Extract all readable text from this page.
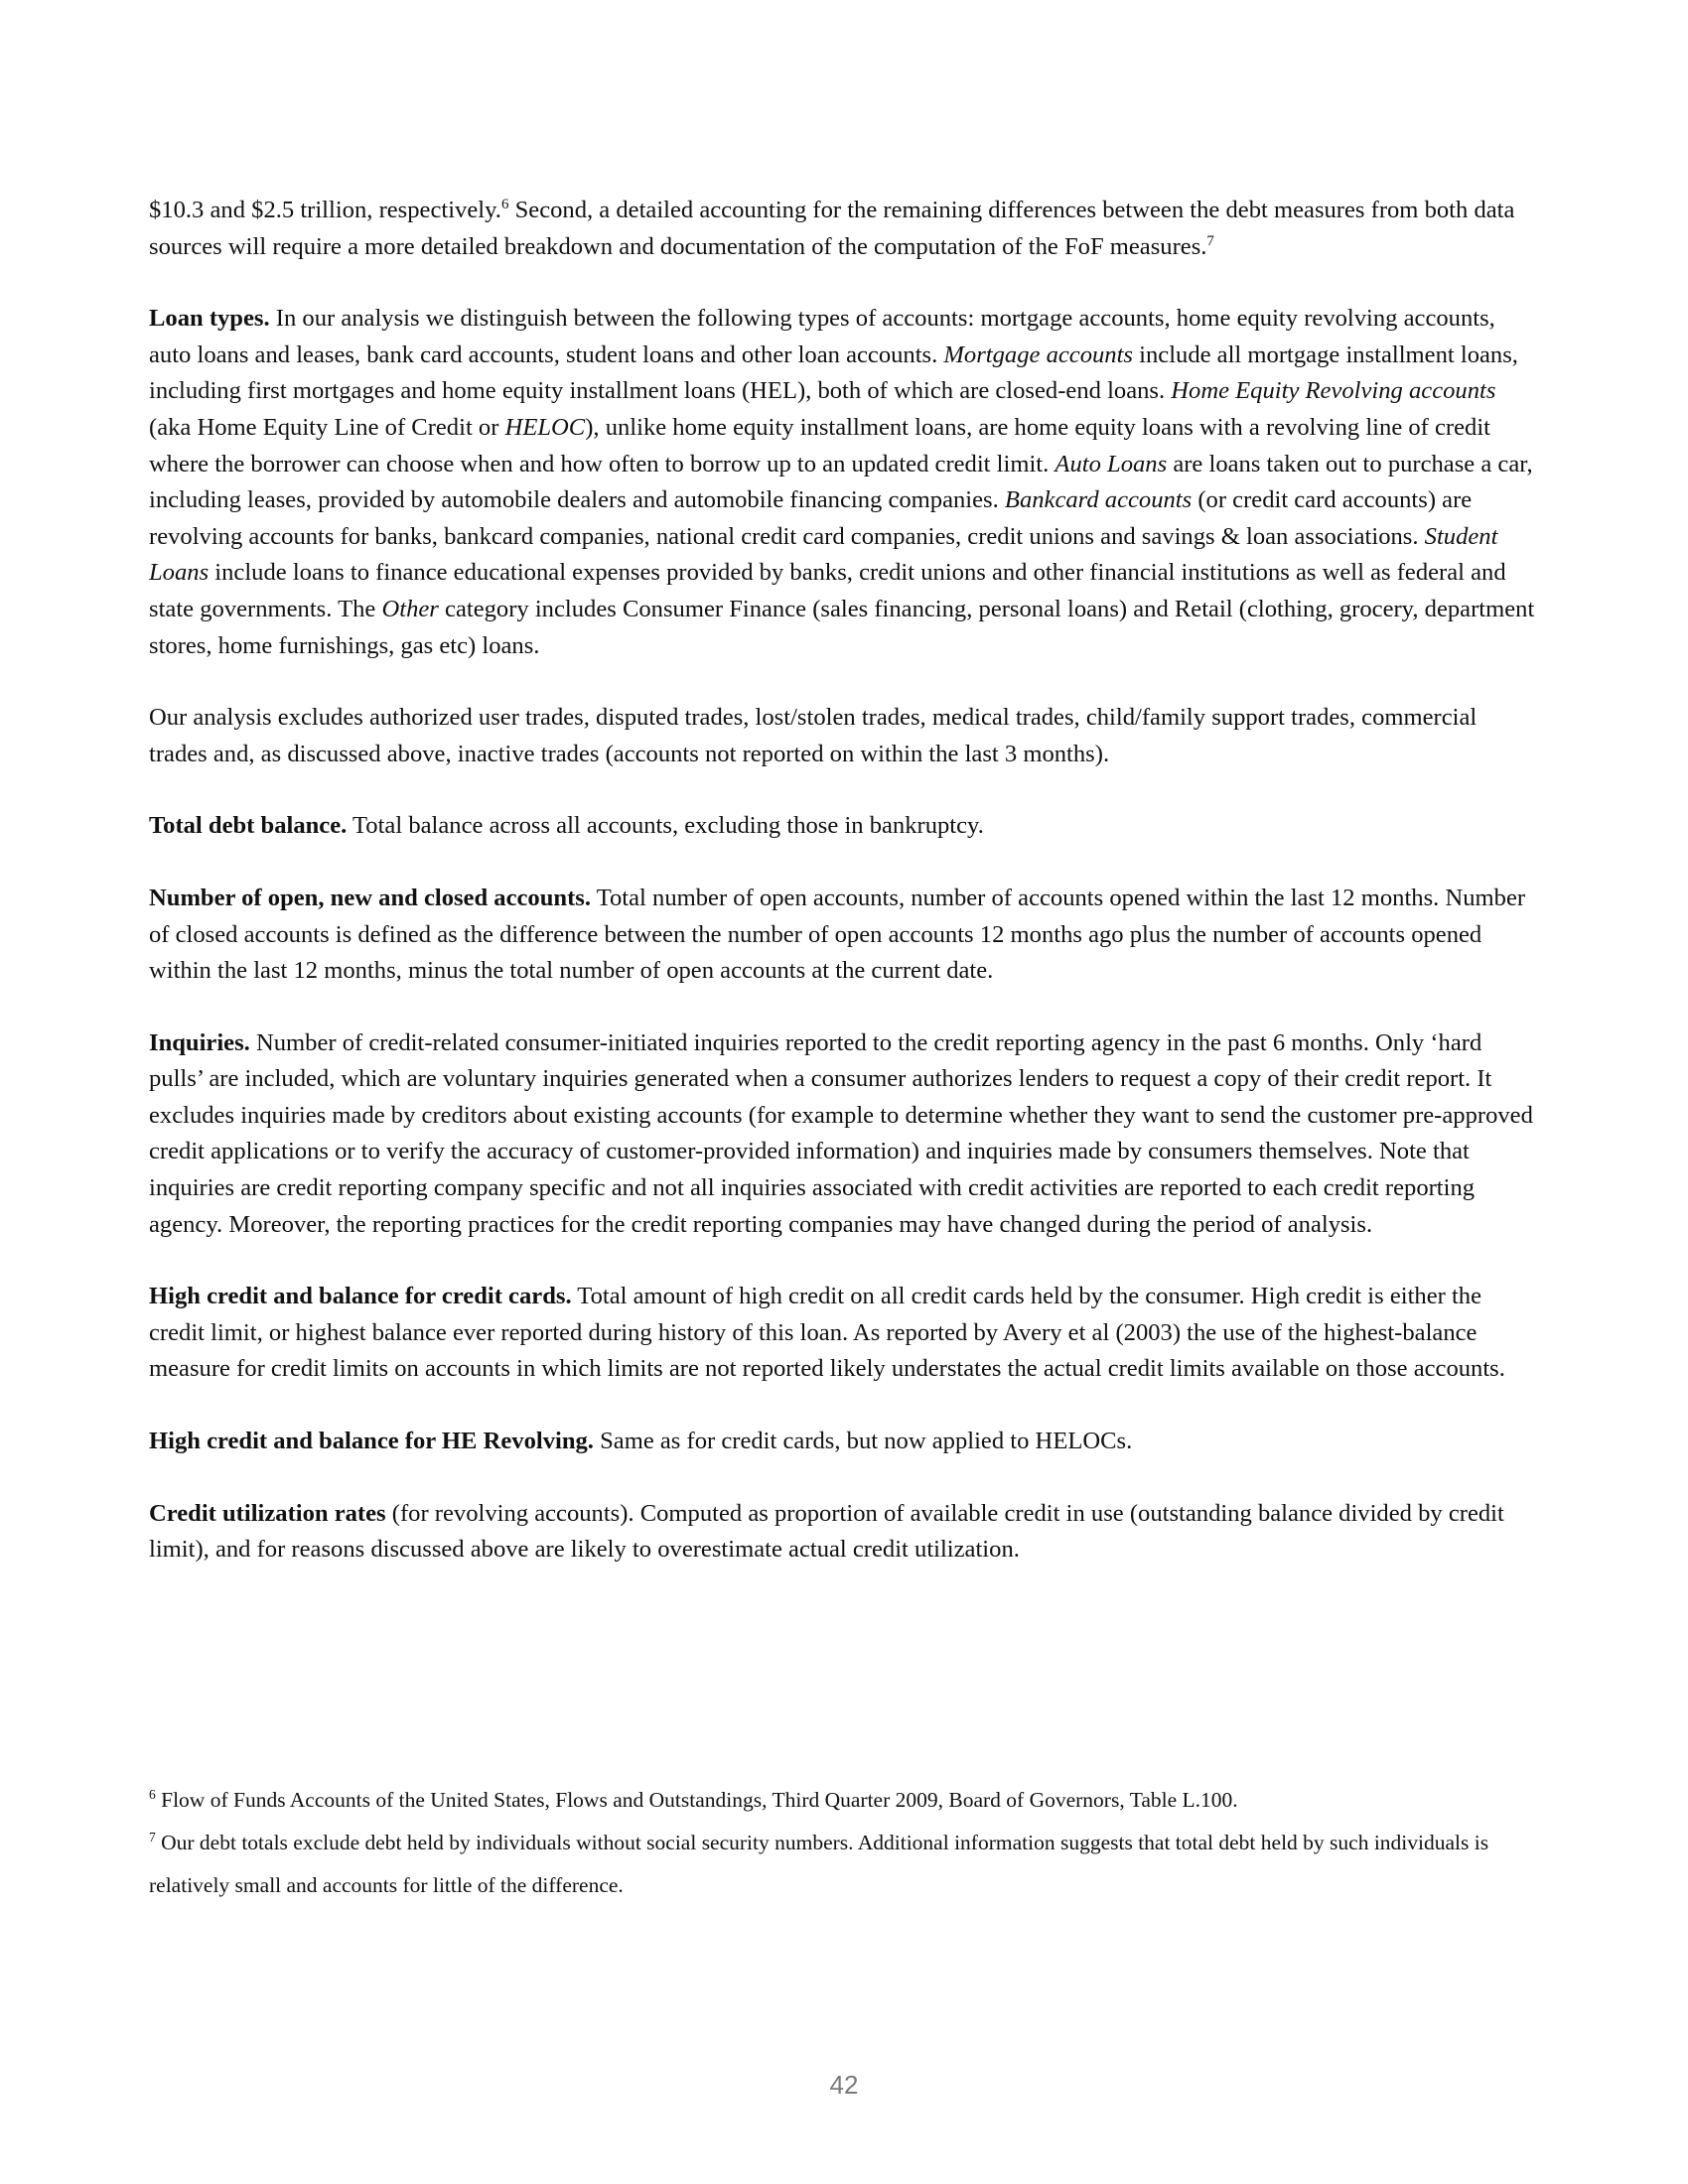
$10.3 and $2.5 trillion, respectively.$^6$ Second, a detailed accounting for the remaining differences between the debt measures from both data sources will require a more detailed breakdown and documentation of the computation of the FoF measures.$^7$

Loan types. In our analysis we distinguish between the following types of accounts: mortgage accounts, home equity revolving accounts, auto loans and leases, bank card accounts, student loans and other loan accounts. Mortgage accounts include all mortgage installment loans, including first mortgages and home equity installment loans (HEL), both of which are closed-end loans. Home Equity Revolving accounts (aka Home Equity Line of Credit or HELOC), unlike home equity installment loans, are home equity loans with a revolving line of credit where the borrower can choose when and how often to borrow up to an updated credit limit. Auto Loans are loans taken out to purchase a car, including leases, provided by automobile dealers and automobile financing companies. Bankcard accounts (or credit card accounts) are revolving accounts for banks, bankcard companies, national credit card companies, credit unions and savings & loan associations. Student Loans include loans to finance educational expenses provided by banks, credit unions and other financial institutions as well as federal and state governments. The Other category includes Consumer Finance (sales financing, personal loans) and Retail (clothing, grocery, department stores, home furnishings, gas etc) loans.

Our analysis excludes authorized user trades, disputed trades, lost/stolen trades, medical trades, child/family support trades, commercial trades and, as discussed above, inactive trades (accounts not reported on within the last 3 months).

Total debt balance. Total balance across all accounts, excluding those in bankruptcy.

Number of open, new and closed accounts. Total number of open accounts, number of accounts opened within the last 12 months. Number of closed accounts is defined as the difference between the number of open accounts 12 months ago plus the number of accounts opened within the last 12 months, minus the total number of open accounts at the current date.

Inquiries. Number of credit-related consumer-initiated inquiries reported to the credit reporting agency in the past 6 months. Only ‘hard pulls’ are included, which are voluntary inquiries generated when a consumer authorizes lenders to request a copy of their credit report. It excludes inquiries made by creditors about existing accounts (for example to determine whether they want to send the customer pre-approved credit applications or to verify the accuracy of customer-provided information) and inquiries made by consumers themselves. Note that inquiries are credit reporting company specific and not all inquiries associated with credit activities are reported to each credit reporting agency. Moreover, the reporting practices for the credit reporting companies may have changed during the period of analysis.

High credit and balance for credit cards. Total amount of high credit on all credit cards held by the consumer. High credit is either the credit limit, or highest balance ever reported during history of this loan. As reported by Avery et al (2003) the use of the highest-balance measure for credit limits on accounts in which limits are not reported likely understates the actual credit limits available on those accounts.

High credit and balance for HE Revolving. Same as for credit cards, but now applied to HELOCs.

Credit utilization rates (for revolving accounts). Computed as proportion of available credit in use (outstanding balance divided by credit limit), and for reasons discussed above are likely to overestimate actual credit utilization.

$^6$ Flow of Funds Accounts of the United States, Flows and Outstandings, Third Quarter 2009, Board of Governors, Table L.100.

$^7$ Our debt totals exclude debt held by individuals without social security numbers. Additional information suggests that total debt held by such individuals is relatively small and accounts for little of the difference.

42
